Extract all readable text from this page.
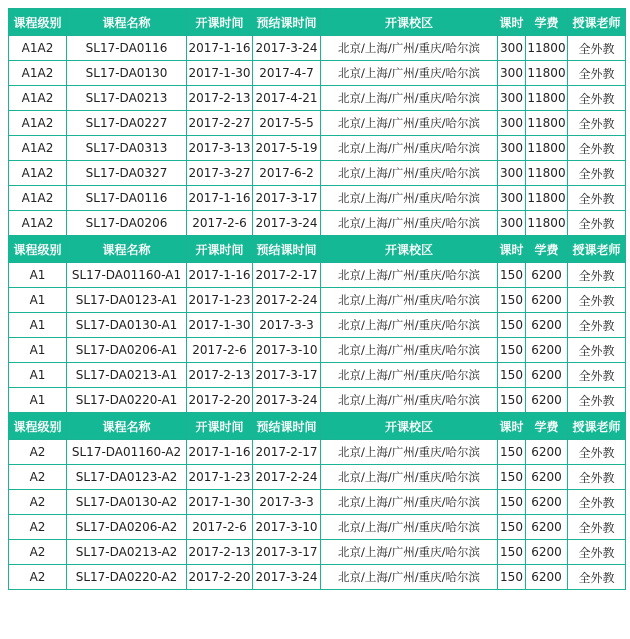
课程级别	课程名称	开课时间	预结课时间	开课校区	课时	学费	授课老师
A1A2	SL17-DA0116	2017-1-16	2017-3-24	北京/上海/广州/重庆/哈尔滨	300	11800	全外教
A1A2	SL17-DA0130	2017-1-30	2017-4-7	北京/上海/广州/重庆/哈尔滨	300	11800	全外教
A1A2	SL17-DA0213	2017-2-13	2017-4-21	北京/上海/广州/重庆/哈尔滨	300	11800	全外教
A1A2	SL17-DA0227	2017-2-27	2017-5-5	北京/上海/广州/重庆/哈尔滨	300	11800	全外教
A1A2	SL17-DA0313	2017-3-13	2017-5-19	北京/上海/广州/重庆/哈尔滨	300	11800	全外教
A1A2	SL17-DA0327	2017-3-27	2017-6-2	北京/上海/广州/重庆/哈尔滨	300	11800	全外教
A1A2	SL17-DA0116	2017-1-16	2017-3-17	北京/上海/广州/重庆/哈尔滨	300	11800	全外教
A1A2	SL17-DA0206	2017-2-6	2017-3-24	北京/上海/广州/重庆/哈尔滨	300	11800	全外教
课程级别	课程名称	开课时间	预结课时间	开课校区	课时	学费	授课老师
A1	SL17-DA01160-A1	2017-1-16	2017-2-17	北京/上海/广州/重庆/哈尔滨	150	6200	全外教
A1	SL17-DA0123-A1	2017-1-23	2017-2-24	北京/上海/广州/重庆/哈尔滨	150	6200	全外教
A1	SL17-DA0130-A1	2017-1-30	2017-3-3	北京/上海/广州/重庆/哈尔滨	150	6200	全外教
A1	SL17-DA0206-A1	2017-2-6	2017-3-10	北京/上海/广州/重庆/哈尔滨	150	6200	全外教
A1	SL17-DA0213-A1	2017-2-13	2017-3-17	北京/上海/广州/重庆/哈尔滨	150	6200	全外教
A1	SL17-DA0220-A1	2017-2-20	2017-3-24	北京/上海/广州/重庆/哈尔滨	150	6200	全外教
课程级别	课程名称	开课时间	预结课时间	开课校区	课时	学费	授课老师
A2	SL17-DA01160-A2	2017-1-16	2017-2-17	北京/上海/广州/重庆/哈尔滨	150	6200	全外教
A2	SL17-DA0123-A2	2017-1-23	2017-2-24	北京/上海/广州/重庆/哈尔滨	150	6200	全外教
A2	SL17-DA0130-A2	2017-1-30	2017-3-3	北京/上海/广州/重庆/哈尔滨	150	6200	全外教
A2	SL17-DA0206-A2	2017-2-6	2017-3-10	北京/上海/广州/重庆/哈尔滨	150	6200	全外教
A2	SL17-DA0213-A2	2017-2-13	2017-3-17	北京/上海/广州/重庆/哈尔滨	150	6200	全外教
A2	SL17-DA0220-A2	2017-2-20	2017-3-24	北京/上海/广州/重庆/哈尔滨	150	6200	全外教
